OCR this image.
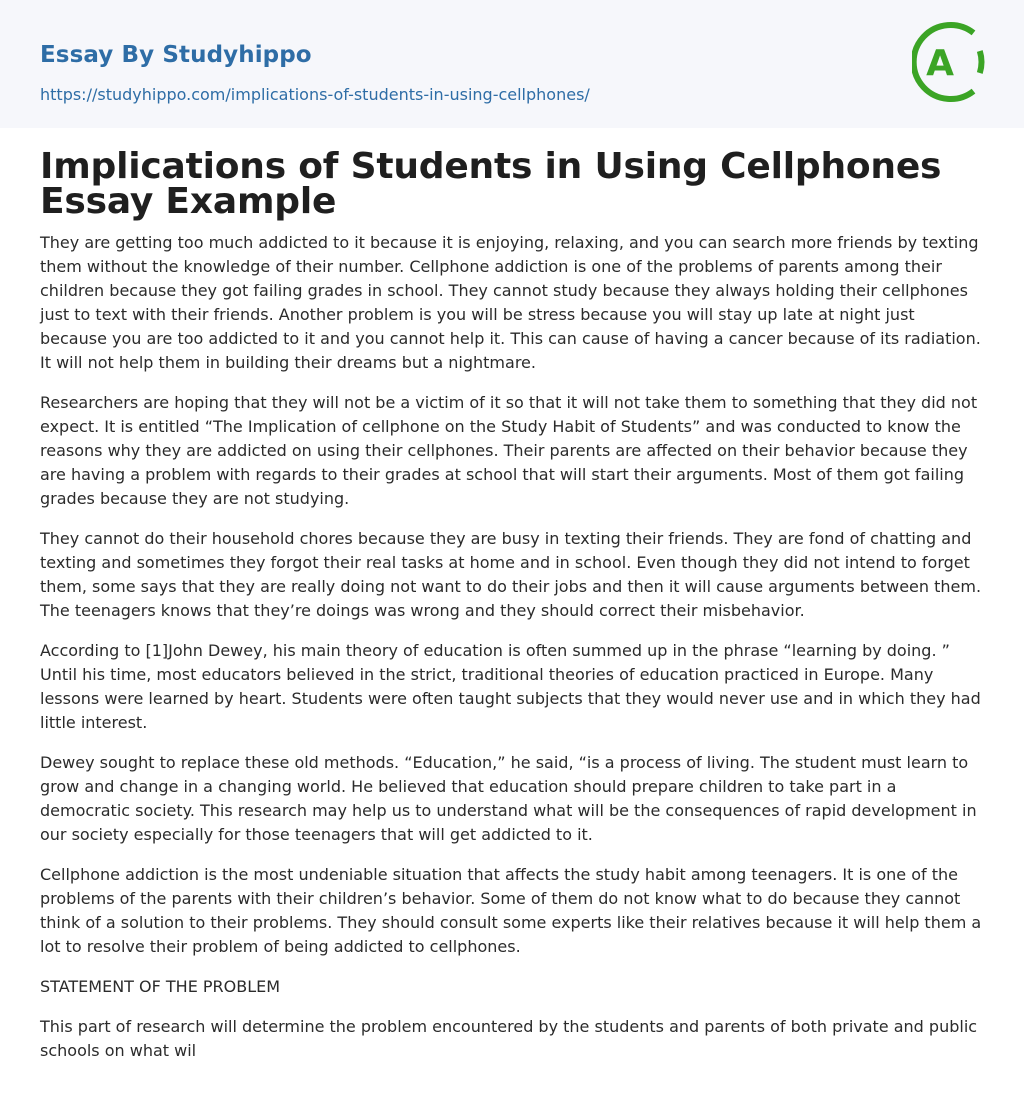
Essay By Studyhippo
https://studyhippo.com/implications-of-students-in-using-cellphones/
A
Implications of Students in Using Cellphones Essay Example

They are getting too much addicted to it because it is enjoying, relaxing, and you can search more friends by texting them without the knowledge of their number. Cellphone addiction is one of the problems of parents among their children because they got failing grades in school. They cannot study because they always holding their cellphones just to text with their friends. Another problem is you will be stress because you will stay up late at night just because you are too addicted to it and you cannot help it. This can cause of having a cancer because of its radiation. It will not help them in building their dreams but a nightmare.

Researchers are hoping that they will not be a victim of it so that it will not take them to something that they did not expect. It is entitled “The Implication of cellphone on the Study Habit of Students” and was conducted to know the reasons why they are addicted on using their cellphones. Their parents are affected on their behavior because they are having a problem with regards to their grades at school that will start their arguments. Most of them got failing grades because they are not studying.

They cannot do their household chores because they are busy in texting their friends. They are fond of chatting and texting and sometimes they forgot their real tasks at home and in school. Even though they did not intend to forget them, some says that they are really doing not want to do their jobs and then it will cause arguments between them. The teenagers knows that they’re doings was wrong and they should correct their misbehavior.

According to [1]John Dewey, his main theory of education is often summed up in the phrase “learning by doing. ” Until his time, most educators believed in the strict, traditional theories of education practiced in Europe. Many lessons were learned by heart. Students were often taught subjects that they would never use and in which they had little interest.

Dewey sought to replace these old methods. “Education,” he said, “is a process of living. The student must learn to grow and change in a changing world. He believed that education should prepare children to take part in a democratic society. This research may help us to understand what will be the consequences of rapid development in our society especially for those teenagers that will get addicted to it.

Cellphone addiction is the most undeniable situation that affects the study habit among teenagers. It is one of the problems of the parents with their children’s behavior. Some of them do not know what to do because they cannot think of a solution to their problems. They should consult some experts like their relatives because it will help them a lot to resolve their problem of being addicted to cellphones.

STATEMENT OF THE PROBLEM

This part of research will determine the problem encountered by the students and parents of both private and public schools on what wil
